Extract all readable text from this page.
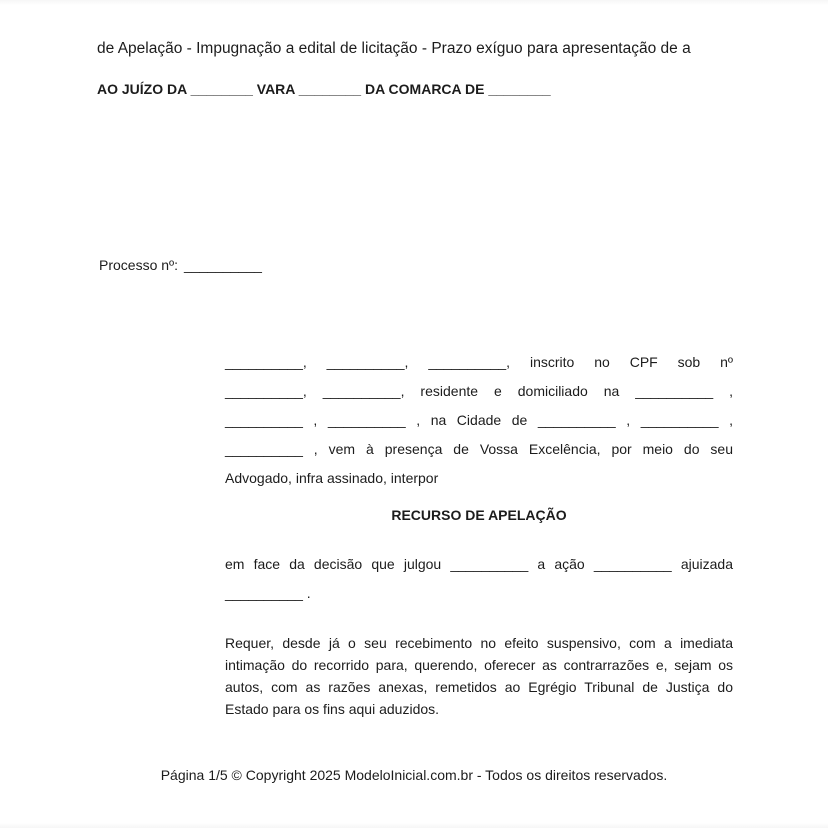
de Apelação - Impugnação a edital de licitação - Prazo exíguo para apresentação de a
AO JUÍZO DA ________ VARA ________ DA COMARCA DE ________
Processo nº: __________
__________, __________, __________, inscrito no CPF sob nº
__________, __________, residente e domiciliado na __________ ,
__________ , __________ , na Cidade de __________ , __________ ,
__________ , vem à presença de Vossa Excelência, por meio do seu
Advogado, infra assinado, interpor
RECURSO DE APELAÇÃO
em face da decisão que julgou __________ a ação __________ ajuizada
__________ .
Requer, desde já o seu recebimento no efeito suspensivo, com a imediata
intimação do recorrido para, querendo, oferecer as contrarrazões e, sejam os
autos, com as razões anexas, remetidos ao Egrégio Tribunal de Justiça do
Estado para os fins aqui aduzidos.
Página 1/5 © Copyright 2025 ModeloInicial.com.br - Todos os direitos reservados.
